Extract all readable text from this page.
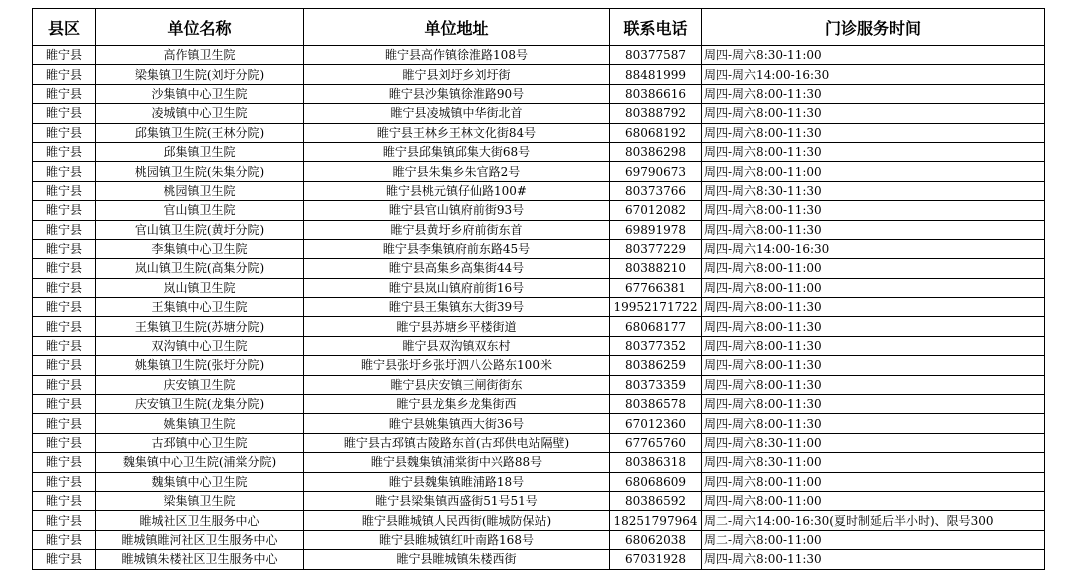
县区	单位名称	单位地址	联系电话	门诊服务时间
睢宁县	高作镇卫生院	睢宁县高作镇徐淮路108号	80377587	周四-周六8:30-11:00
睢宁县	梁集镇卫生院(刘圩分院)	睢宁县刘圩乡刘圩街	88481999	周四-周六14:00-16:30
睢宁县	沙集镇中心卫生院	睢宁县沙集镇徐淮路90号	80386616	周四-周六8:00-11:30
睢宁县	凌城镇中心卫生院	睢宁县凌城镇中华街北首	80388792	周四-周六8:00-11:30
睢宁县	邱集镇卫生院(王林分院)	睢宁县王林乡王林文化街84号	68068192	周四-周六8:00-11:30
睢宁县	邱集镇卫生院	睢宁县邱集镇邱集大街68号	80386298	周四-周六8:00-11:30
睢宁县	桃园镇卫生院(朱集分院)	睢宁县朱集乡朱官路2号	69790673	周四-周六8:00-11:00
睢宁县	桃园镇卫生院	睢宁县桃元镇仔仙路100#	80373766	周四-周六8:30-11:30
睢宁县	官山镇卫生院	睢宁县官山镇府前街93号	67012082	周四-周六8:00-11:30
睢宁县	官山镇卫生院(黄圩分院)	睢宁县黄圩乡府前街东首	69891978	周四-周六8:00-11:30
睢宁县	李集镇中心卫生院	睢宁县李集镇府前东路45号	80377229	周四-周六14:00-16:30
睢宁县	岚山镇卫生院(高集分院)	睢宁县高集乡高集街44号	80388210	周四-周六8:00-11:00
睢宁县	岚山镇卫生院	睢宁县岚山镇府前街16号	67766381	周四-周六8:00-11:00
睢宁县	王集镇中心卫生院	睢宁县王集镇东大街39号	19952171722	周四-周六8:00-11:30
睢宁县	王集镇卫生院(苏塘分院)	睢宁县苏塘乡平楼街道	68068177	周四-周六8:00-11:30
睢宁县	双沟镇中心卫生院	睢宁县双沟镇双东村	80377352	周四-周六8:00-11:30
睢宁县	姚集镇卫生院(张圩分院)	睢宁县张圩乡张圩泗八公路东100米	80386259	周四-周六8:00-11:30
睢宁县	庆安镇卫生院	睢宁县庆安镇三闸街街东	80373359	周四-周六8:00-11:30
睢宁县	庆安镇卫生院(龙集分院)	睢宁县龙集乡龙集街西	80386578	周四-周六8:00-11:30
睢宁县	姚集镇卫生院	睢宁县姚集镇西大街36号	67012360	周四-周六8:00-11:30
睢宁县	古邳镇中心卫生院	睢宁县古邳镇古陵路东首(古邳供电站隔壁)	67765760	周四-周六8:30-11:00
睢宁县	魏集镇中心卫生院(浦棠分院)	睢宁县魏集镇浦棠街中兴路88号	80386318	周四-周六8:30-11:00
睢宁县	魏集镇中心卫生院	睢宁县魏集镇睢浦路18号	68068609	周四-周六8:00-11:00
睢宁县	梁集镇卫生院	睢宁县梁集镇西盛街51号51号	80386592	周四-周六8:00-11:00
睢宁县	睢城社区卫生服务中心	睢宁县睢城镇人民西街(睢城防保站)	18251797964	周二-周六14:00-16:30(夏时制延后半小时)、限号300
睢宁县	睢城镇睢河社区卫生服务中心	睢宁县睢城镇红叶南路168号	68062038	周二-周六8:00-11:00
睢宁县	睢城镇朱楼社区卫生服务中心	睢宁县睢城镇朱楼西街	67031928	周四-周六8:00-11:30
